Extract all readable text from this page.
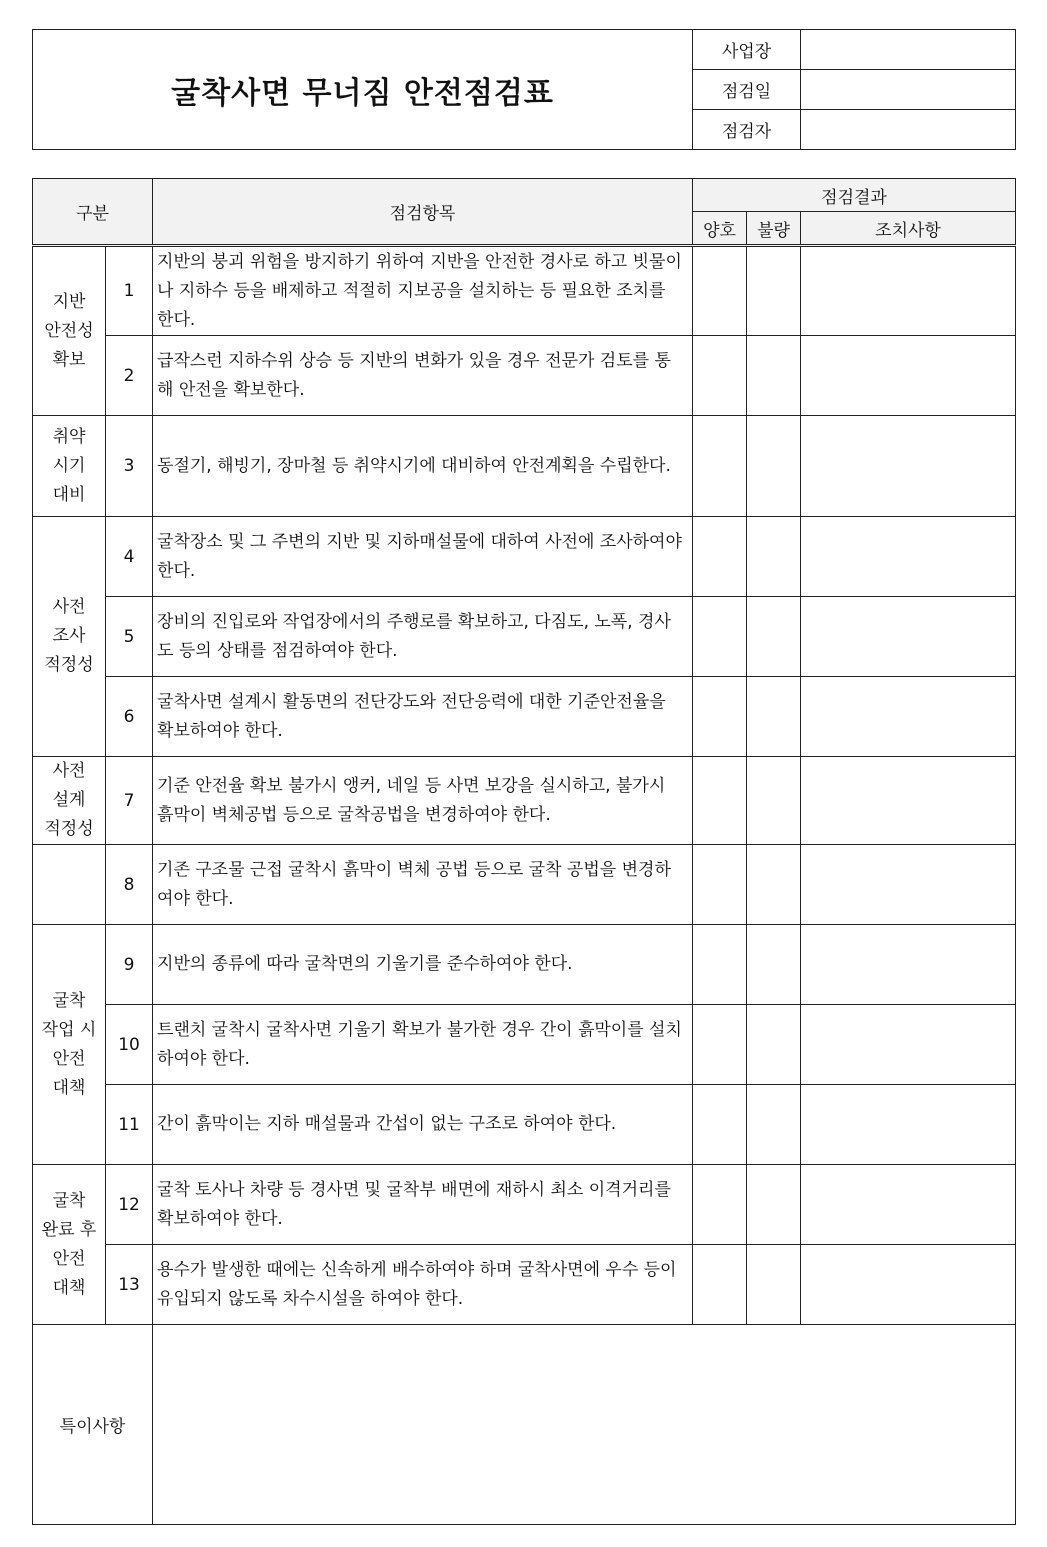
굴착사면 무너짐 안전점검표	사업장	
	점검일	
	점검자	
구분		점검항목	점검결과		
			양호	불량	조치사항
지반
안전성
확보	1	지반의 붕괴 위험을 방지하기 위하여 지반을 안전한 경사로 하고 빗물이나 지하수 등을 배제하고 적절히 지보공을 설치하는 등 필요한 조치를 한다.			
	2	급작스런 지하수위 상승 등 지반의 변화가 있을 경우 전문가 검토를 통해 안전을 확보한다.			
취약
시기
대비	3	동절기, 해빙기, 장마철 등 취약시기에 대비하여 안전계획을 수립한다.			
사전
조사
적정성	4	굴착장소 및 그 주변의 지반 및 지하매설물에 대하여 사전에 조사하여야 한다.			
	5	장비의 진입로와 작업장에서의 주행로를 확보하고, 다짐도, 노폭, 경사도 등의 상태를 점검하여야 한다.			
	6	굴착사면 설계시 활동면의 전단강도와 전단응력에 대한 기준안전율을 확보하여야 한다.			
사전
설계
적정성	7	기준 안전율 확보 불가시 앵커, 네일 등 사면 보강을 실시하고, 불가시 흙막이 벽체공법 등으로 굴착공법을 변경하여야 한다.			
	8	기존 구조물 근접 굴착시 흙막이 벽체 공법 등으로 굴착 공법을 변경하여야 한다.			
굴착
작업 시
안전
대책	9	지반의 종류에 따라 굴착면의 기울기를 준수하여야 한다.			
	10	트랜치 굴착시 굴착사면 기울기 확보가 불가한 경우 간이 흙막이를 설치하여야 한다.			
	11	간이 흙막이는 지하 매설물과 간섭이 없는 구조로 하여야 한다.			
굴착
완료 후
안전
대책	12	굴착 토사나 차량 등 경사면 및 굴착부 배면에 재하시 최소 이격거리를 확보하여야 한다.			
	13	용수가 발생한 때에는 신속하게 배수하여야 하며 굴착사면에 우수 등이 유입되지 않도록 차수시설을 하여야 한다.			
특이사항					
